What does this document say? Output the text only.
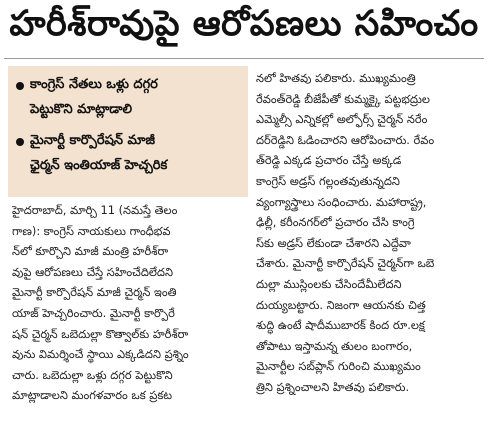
హరీశ్‌రావుపై ఆరోపణలు సహించం
కాంగ్రెస్ నేతలు ఒళ్లు దగ్గర
పెట్టుకొని మాట్లాడాలి
మైనార్టీ కార్పొరేషన్ మాజీ
ఛైర్మన్ ఇంతియాజ్ హెచ్చరిక
హైదరాబాద్, మార్చి 11 (నమస్తే తెలం
గాణ): కాంగ్రెస్ నాయకులు గాంధీభవ
న్‌లో కూర్చొని మాజీ మంత్రి హరీశ్‌రా
వుపై ఆరోపణలు చేస్తే సహించేదిలేదని
మైనార్టీ కార్పొరేషన్ మాజీ చైర్మన్ ఇంతి
యాజ్ హెచ్చరించారు. మైనార్టీ కార్పొరే
షన్ చైర్మన్ ఒబెదుల్లా కొత్వాల్‌కు హరీశ్‌రా
వును విమర్శించే స్థాయి ఎక్కడిదని ప్రశ్నిం
చారు. ఒబెదుల్లా ఒళ్లు దగ్గర పెట్టుకొని
మాట్లాడాలని మంగళవారం ఒక ప్రకట
నలో హితవు పలికారు. ముఖ్యమంత్రి
రేవంత్‌రెడ్డి బీజేపీతో కుమ్మక్కై పట్టభద్రుల
ఎమ్మెల్సీ ఎన్నికల్లో అల్ఫోర్స్ చైర్మన్ నరేం
దర్‌రెడ్డిని ఓడించారని ఆరోపించారు. రేవం
త్‌రెడ్డి ఎక్కడ ప్రచారం చేస్తే అక్కడ
కాంగ్రెస్ అడ్రస్ గల్లంతవుతున్నదని
వ్యంగ్యాస్త్రాలు సంధించారు. మహారాష్ట్ర,
ఢిల్లీ, కరీంనగర్‌లో ప్రచారం చేసి కాంగ్రె
స్‌కు అడ్రస్ లేకుండా చేశారని ఎద్దేవా
చేశారు. మైనార్టీ కార్పొరేషన్ చైర్మన్‌గా ఒబె
దుల్లా ముస్లింలకు చేసిందేమీలేదని
దుయ్యబట్టారు. నిజంగా ఆయనకు చిత్త
శుద్ధి ఉంటే షాదీముబారక్ కింద రూ.లక్ష
తోపాటు ఇస్తామన్న తులం బంగారం,
మైనార్టీల సబ్‌ప్లాన్ గురించి ముఖ్యమం
త్రిని ప్రశ్నించాలని హితవు పలికారు.
